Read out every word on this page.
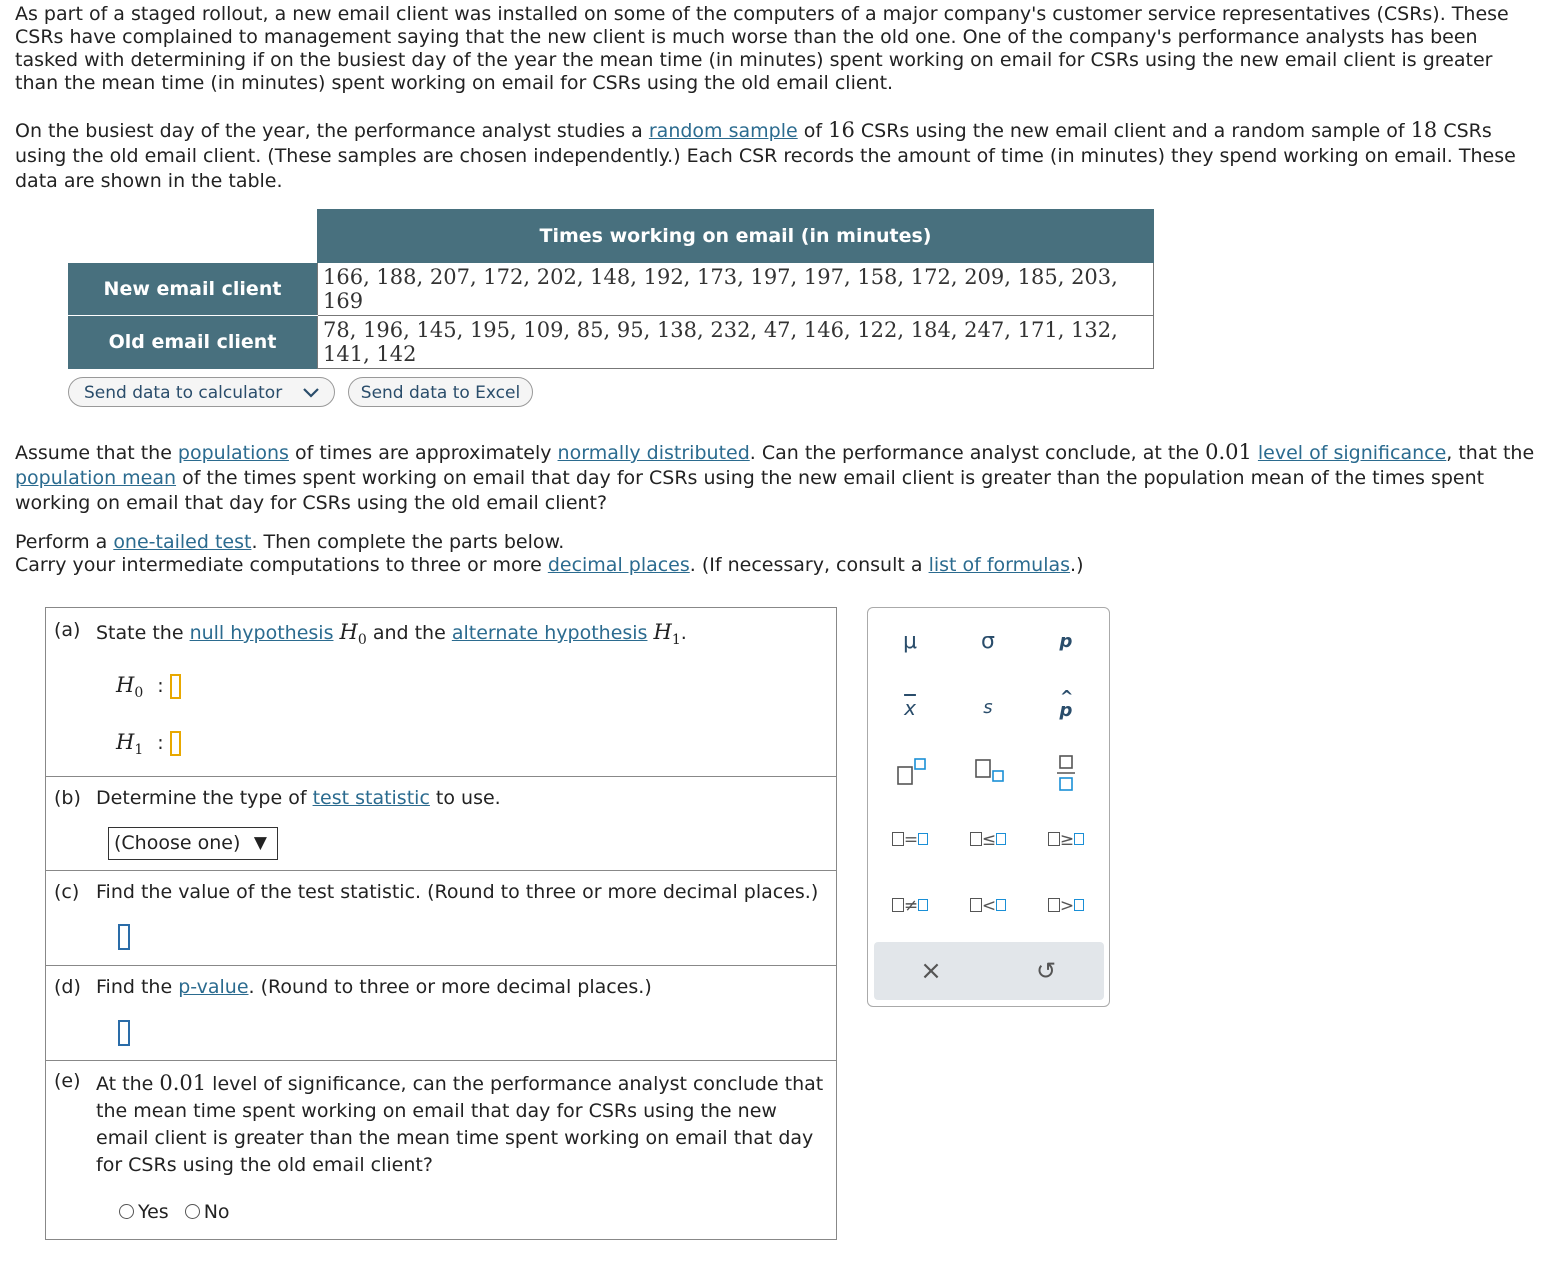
As part of a staged rollout, a new email client was installed on some of the computers of a major company's customer service representatives (CSRs). These CSRs have complained to management saying that the new client is much worse than the old one. One of the company's performance analysts has been tasked with determining if on the busiest day of the year the mean time (in minutes) spent working on email for CSRs using the new email client is greater than the mean time (in minutes) spent working on email for CSRs using the old email client.
On the busiest day of the year, the performance analyst studies a random sample of 16 CSRs using the new email client and a random sample of 18 CSRs using the old email client. (These samples are chosen independently.) Each CSR records the amount of time (in minutes) they spend working on email. These data are shown in the table.
	Times working on email (in minutes)
New email client	166, 188, 207, 172, 202, 148, 192, 173, 197, 197, 158, 172, 209, 185, 203, 169
Old email client	78, 196, 145, 195, 109, 85, 95, 138, 232, 47, 146, 122, 184, 247, 171, 132, 141, 142
Send data to calculator	Send data to Excel
Assume that the populations of times are approximately normally distributed. Can the performance analyst conclude, at the 0.01 level of significance, that the population mean of the times spent working on email that day for CSRs using the new email client is greater than the population mean of the times spent working on email that day for CSRs using the old email client?
Perform a one-tailed test. Then complete the parts below.
Carry your intermediate computations to three or more decimal places. (If necessary, consult a list of formulas.)
(a) State the null hypothesis $H_0$ and the alternate hypothesis $H_1$.
$H_0$ :
$H_1$ :
(b) Determine the type of test statistic to use.
(Choose one) ▼
(c) Find the value of the test statistic. (Round to three or more decimal places.)
(d) Find the p-value. (Round to three or more decimal places.)
(e) At the 0.01 level of significance, can the performance analyst conclude that the mean time spent working on email that day for CSRs using the new email client is greater than the mean time spent working on email that day for CSRs using the old email client?
Yes No
μ	σ	p
$\overline{x}$	s
^
p
=	≤	≥
≠	<	>
×	↺
